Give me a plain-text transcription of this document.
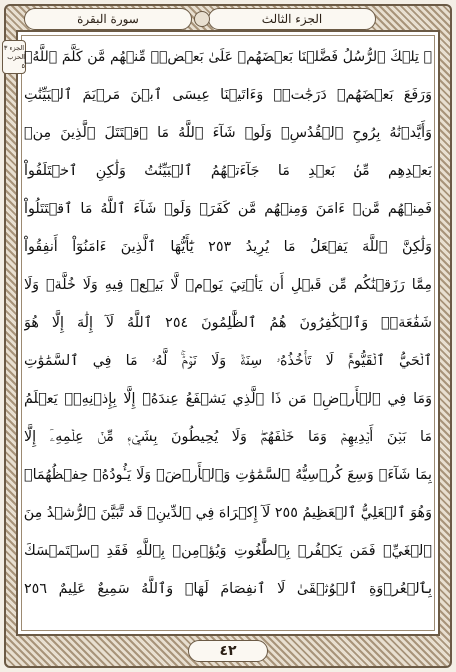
الجزء الثالث
سورة البقرة
الجزء ٣
الحزب ٥
۞ تِلۡكَ ٱلرُّسُلُ فَضَّلۡنَا بَعۡضَهُمۡ عَلَىٰ بَعۡضٖۘ مِّنۡهُم مَّن كَلَّمَ ٱللَّهُۖ
وَرَفَعَ بَعۡضَهُمۡ دَرَجَٰتٖۚ وَءَاتَيۡنَا عِيسَى ٱبۡنَ مَرۡيَمَ ٱلۡبَيِّنَٰتِ
وَأَيَّدۡنَٰهُ بِرُوحِ ٱلۡقُدُسِۗ وَلَوۡ شَآءَ ٱللَّهُ مَا ٱقۡتَتَلَ ٱلَّذِينَ مِنۢ
بَعۡدِهِم مِّنۢ بَعۡدِ مَا جَآءَتۡهُمُ ٱلۡبَيِّنَٰتُ وَلَٰكِنِ ٱخۡتَلَفُواْ
فَمِنۡهُم مَّنۡ ءَامَنَ وَمِنۡهُم مَّن كَفَرَۚ وَلَوۡ شَآءَ ٱللَّهُ مَا ٱقۡتَتَلُواْ
وَلَٰكِنَّ ٱللَّهَ يَفۡعَلُ مَا يُرِيدُ ٢٥٣ يَٰٓأَيُّهَا ٱلَّذِينَ ءَامَنُوٓاْ أَنفِقُواْ
مِمَّا رَزَقۡنَٰكُم مِّن قَبۡلِ أَن يَأۡتِيَ يَوۡمٞ لَّا بَيۡعٞ فِيهِ وَلَا خُلَّةٞ وَلَا
شَفَٰعَةٞۗ وَٱلۡكَٰفِرُونَ هُمُ ٱلظَّٰلِمُونَ ٢٥٤ ٱللَّهُ لَآ إِلَٰهَ إِلَّا هُوَ
ٱلۡحَيُّ ٱلۡقَيُّومُۚ لَا تَأۡخُذُهُۥ سِنَةٞ وَلَا نَوۡمٞۚ لَّهُۥ مَا فِي ٱلسَّمَٰوَٰتِ
وَمَا فِي ٱلۡأَرۡضِۗ مَن ذَا ٱلَّذِي يَشۡفَعُ عِندَهُۥٓ إِلَّا بِإِذۡنِهِۦۚ يَعۡلَمُ
مَا بَيۡنَ أَيۡدِيهِمۡ وَمَا خَلۡفَهُمۡۖ وَلَا يُحِيطُونَ بِشَيۡءٖ مِّنۡ عِلۡمِهِۦٓ إِلَّا
بِمَا شَآءَۚ وَسِعَ كُرۡسِيُّهُ ٱلسَّمَٰوَٰتِ وَٱلۡأَرۡضَۖ وَلَا يَـُٔودُهُۥ حِفۡظُهُمَاۚ
وَهُوَ ٱلۡعَلِيُّ ٱلۡعَظِيمُ ٢٥٥ لَآ إِكۡرَاهَ فِي ٱلدِّينِۖ قَد تَّبَيَّنَ ٱلرُّشۡدُ مِنَ
ٱلۡغَيِّۚ فَمَن يَكۡفُرۡ بِٱلطَّٰغُوتِ وَيُؤۡمِنۢ بِٱللَّهِ فَقَدِ ٱسۡتَمۡسَكَ
بِٱلۡعُرۡوَةِ ٱلۡوُثۡقَىٰ لَا ٱنفِصَامَ لَهَاۗ وَٱللَّهُ سَمِيعٌ عَلِيمٌ ٢٥٦
٤٢
